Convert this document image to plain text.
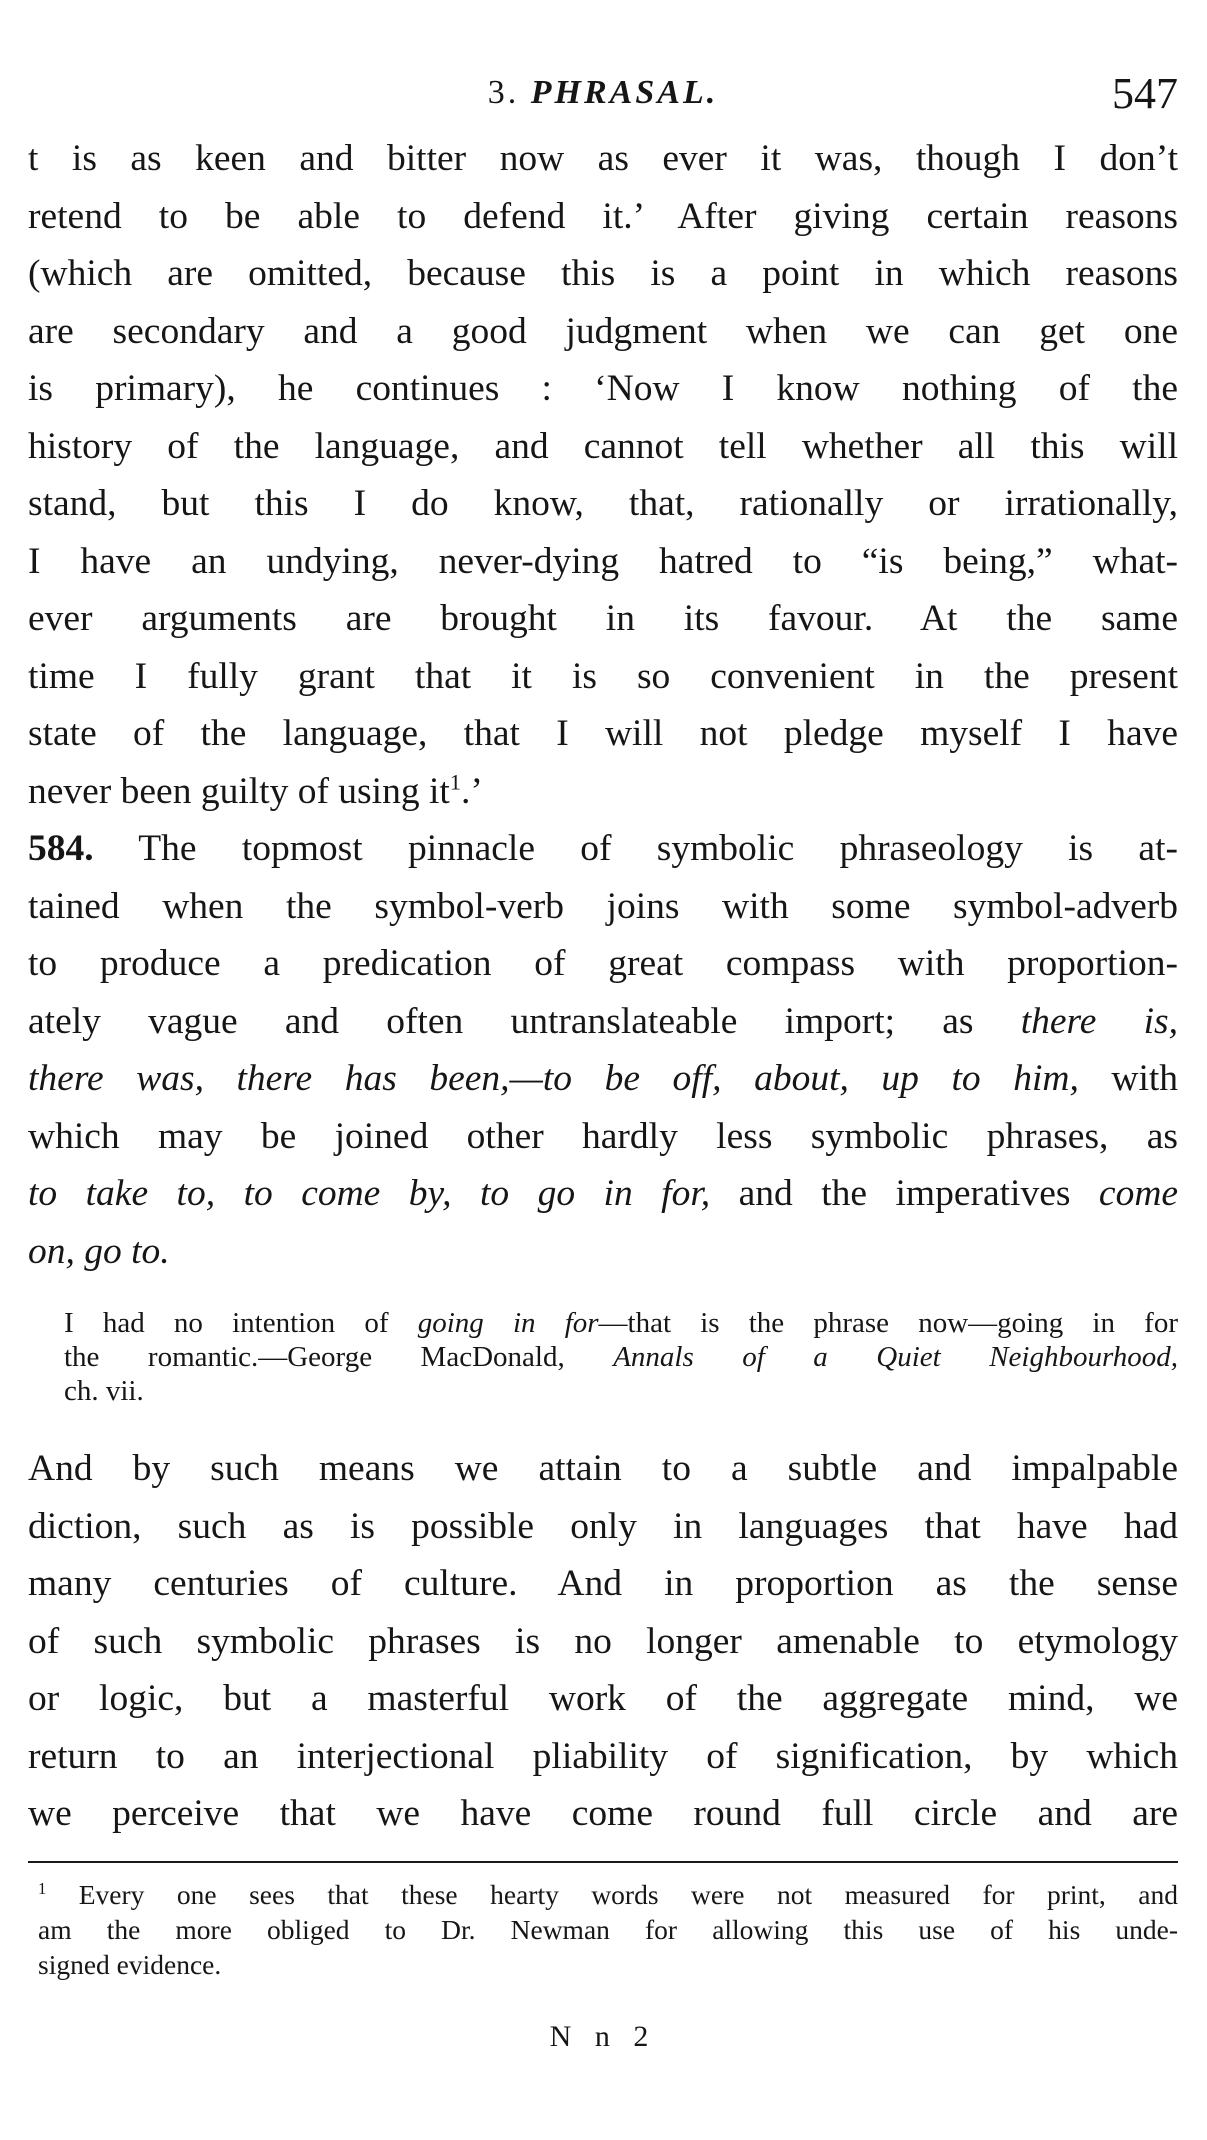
3. PHRASAL.	547
t is as keen and bitter now as ever it was, though I don’t
retend to be able to defend it.’ After giving certain reasons
(which are omitted, because this is a point in which reasons
are secondary and a good judgment when we can get one
is primary), he continues : ‘Now I know nothing of the
history of the language, and cannot tell whether all this will
stand, but this I do know, that, rationally or irrationally,
I have an undying, never-dying hatred to “is being,” what-
ever arguments are brought in its favour. At the same
time I fully grant that it is so convenient in the present
state of the language, that I will not pledge myself I have
never been guilty of using $it^1$.’
584. The topmost pinnacle of symbolic phraseology is at-
tained when the symbol-verb joins with some symbol-adverb
to produce a predication of great compass with proportion-
ately vague and often untranslateable import; as there is,
there was, there has been,—to be off, about, up to him, with
which may be joined other hardly less symbolic phrases, as
to take to, to come by, to go in for, and the imperatives come
on, go to.
I had no intention of going in for—that is the phrase now—going in for
the romantic.—George MacDonald, Annals of a Quiet Neighbourhood,
ch. vii.
And by such means we attain to a subtle and impalpable
diction, such as is possible only in languages that have had
many centuries of culture. And in proportion as the sense
of such symbolic phrases is no longer amenable to etymology
or logic, but a masterful work of the aggregate mind, we
return to an interjectional pliability of signification, by which
we perceive that we have come round full circle and are
$^1$ Every one sees that these hearty words were not measured for print, and
am the more obliged to Dr. Newman for allowing this use of his unde-
signed evidence.
N n 2
